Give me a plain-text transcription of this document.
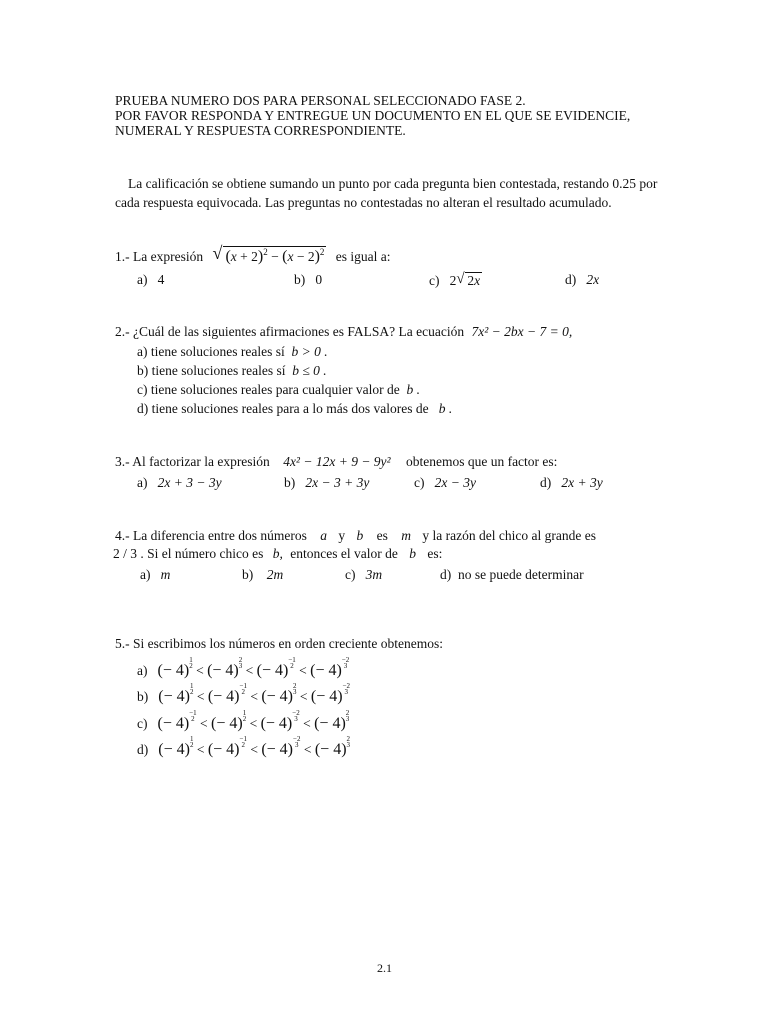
PRUEBA NUMERO DOS PARA PERSONAL SELECCIONADO FASE 2.
POR FAVOR RESPONDA Y ENTREGUE UN DOCUMENTO EN EL QUE SE EVIDENCIE,
NUMERAL Y RESPUESTA CORRESPONDIENTE.

La calificación se obtiene sumando un punto por cada pregunta bien contestada, restando 0.25 por cada respuesta equivocada. Las preguntas no contestadas no alteran el resultado acumulado.

1.- La expresión √ $(x + 2)^2 - (x - 2)^2$ es igual a:
a) 4	b) 0	c) 2 √ 2x	d) 2x
2.- ¿Cuál de las siguientes afirmaciones es FALSA? La ecuación 7x² − 2bx − 7 = 0,
a) tiene soluciones reales sí b > 0 .
b) tiene soluciones reales sí b ≤ 0 .
c) tiene soluciones reales para cualquier valor de b .
d) tiene soluciones reales para a lo más dos valores de b .
3.- Al factorizar la expresión 4x² − 12x + 9 − 9y² obtenemos que un factor es:
a) 2x + 3 − 3y	b) 2x − 3 + 3y	c) 2x − 3y	d) 2x + 3y
4.- La diferencia entre dos números a y b es m y la razón del chico al grande es
2 / 3 . Si el número chico es b, entonces el valor de b es:
a) m	b) 2m	c) 3m	d) no se puede determinar
5.- Si escribimos los números en orden creciente obtenemos:
a) (− 4)
1
2 < (− 4)
2
3 < (− 4)
−1
2 < (− 4)
−2
3
b) (− 4)
1
2 < (− 4)
−1
2 < (− 4)
2
3 < (− 4)
−2
3
c) (− 4)
−1
2 < (− 4)
1
2 < (− 4)
−2
3 < (− 4)
2
3
d) (− 4)
1
2 < (− 4)
−1
2 < (− 4)
−2
3 < (− 4)
2
3
2.1
